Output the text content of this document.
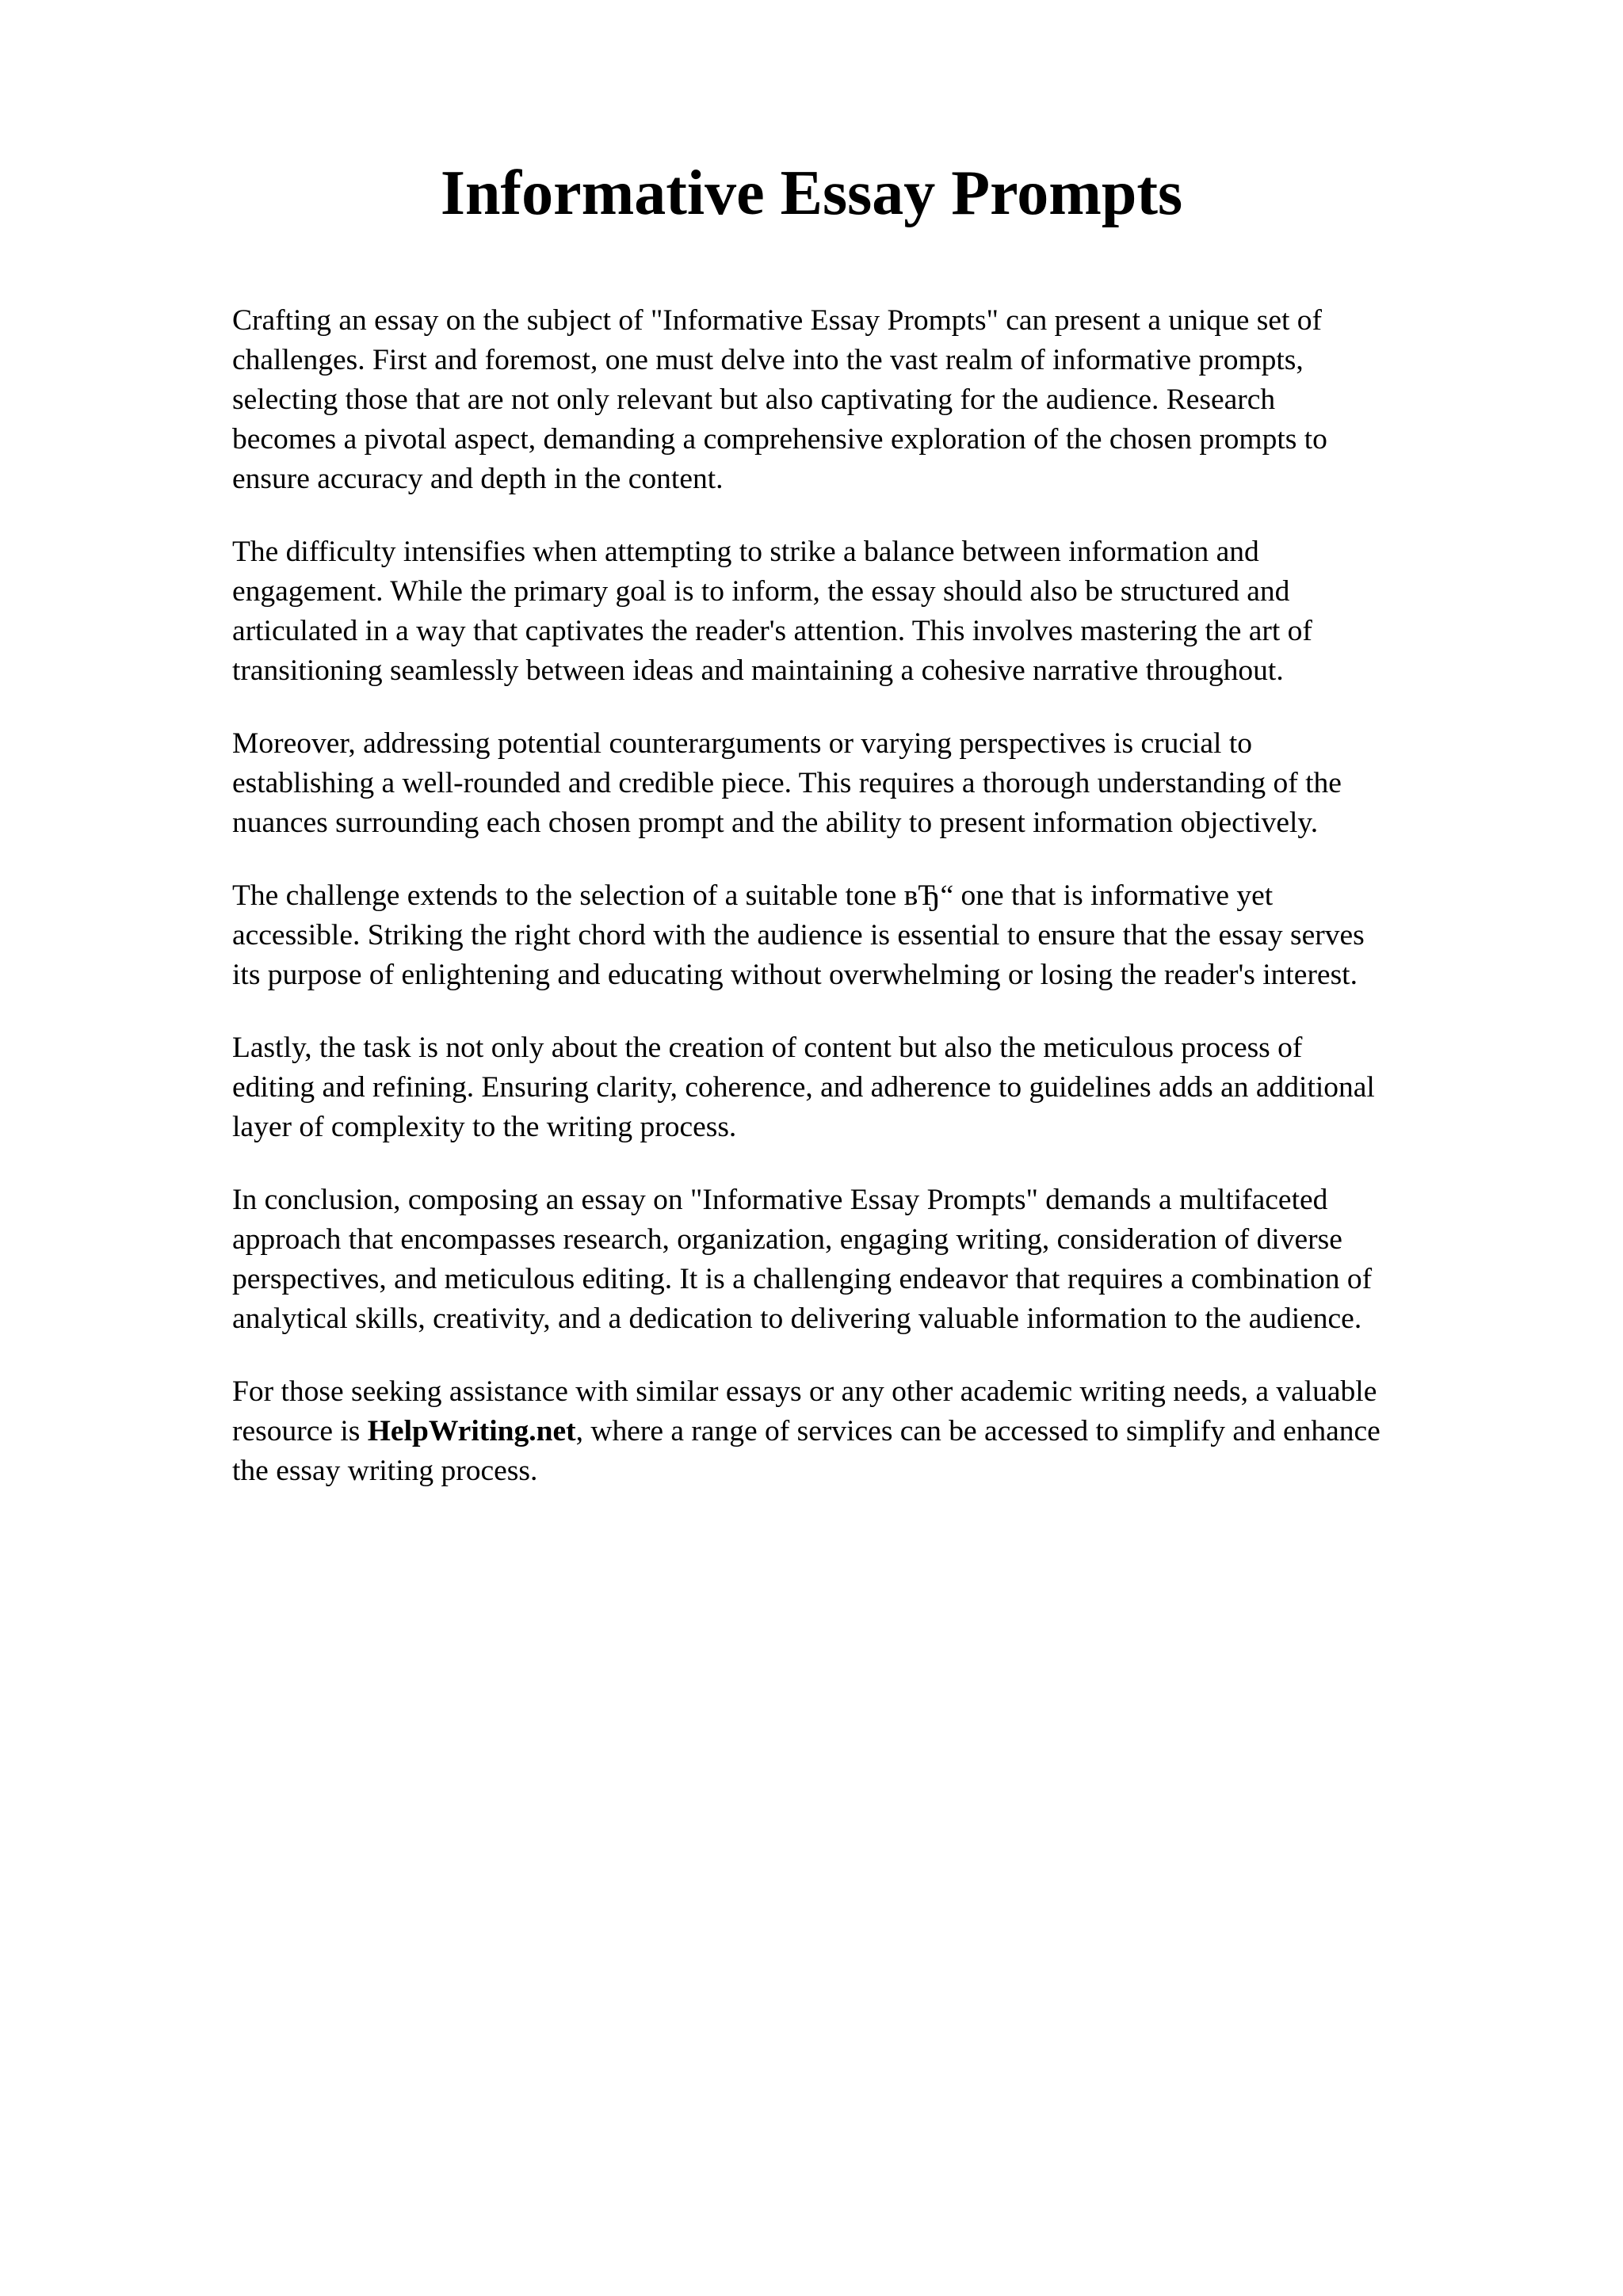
Informative Essay Prompts

Crafting an essay on the subject of "Informative Essay Prompts" can present a unique set of
challenges. First and foremost, one must delve into the vast realm of informative prompts,
selecting those that are not only relevant but also captivating for the audience. Research
becomes a pivotal aspect, demanding a comprehensive exploration of the chosen prompts to
ensure accuracy and depth in the content.

The difficulty intensifies when attempting to strike a balance between information and
engagement. While the primary goal is to inform, the essay should also be structured and
articulated in a way that captivates the reader's attention. This involves mastering the art of
transitioning seamlessly between ideas and maintaining a cohesive narrative throughout.

Moreover, addressing potential counterarguments or varying perspectives is crucial to
establishing a well-rounded and credible piece. This requires a thorough understanding of the
nuances surrounding each chosen prompt and the ability to present information objectively.

The challenge extends to the selection of a suitable tone вЂ“ one that is informative yet
accessible. Striking the right chord with the audience is essential to ensure that the essay serves
its purpose of enlightening and educating without overwhelming or losing the reader's interest.

Lastly, the task is not only about the creation of content but also the meticulous process of
editing and refining. Ensuring clarity, coherence, and adherence to guidelines adds an additional
layer of complexity to the writing process.

In conclusion, composing an essay on "Informative Essay Prompts" demands a multifaceted
approach that encompasses research, organization, engaging writing, consideration of diverse
perspectives, and meticulous editing. It is a challenging endeavor that requires a combination of
analytical skills, creativity, and a dedication to delivering valuable information to the audience.

For those seeking assistance with similar essays or any other academic writing needs, a valuable
resource is HelpWriting.net, where a range of services can be accessed to simplify and enhance
the essay writing process.
